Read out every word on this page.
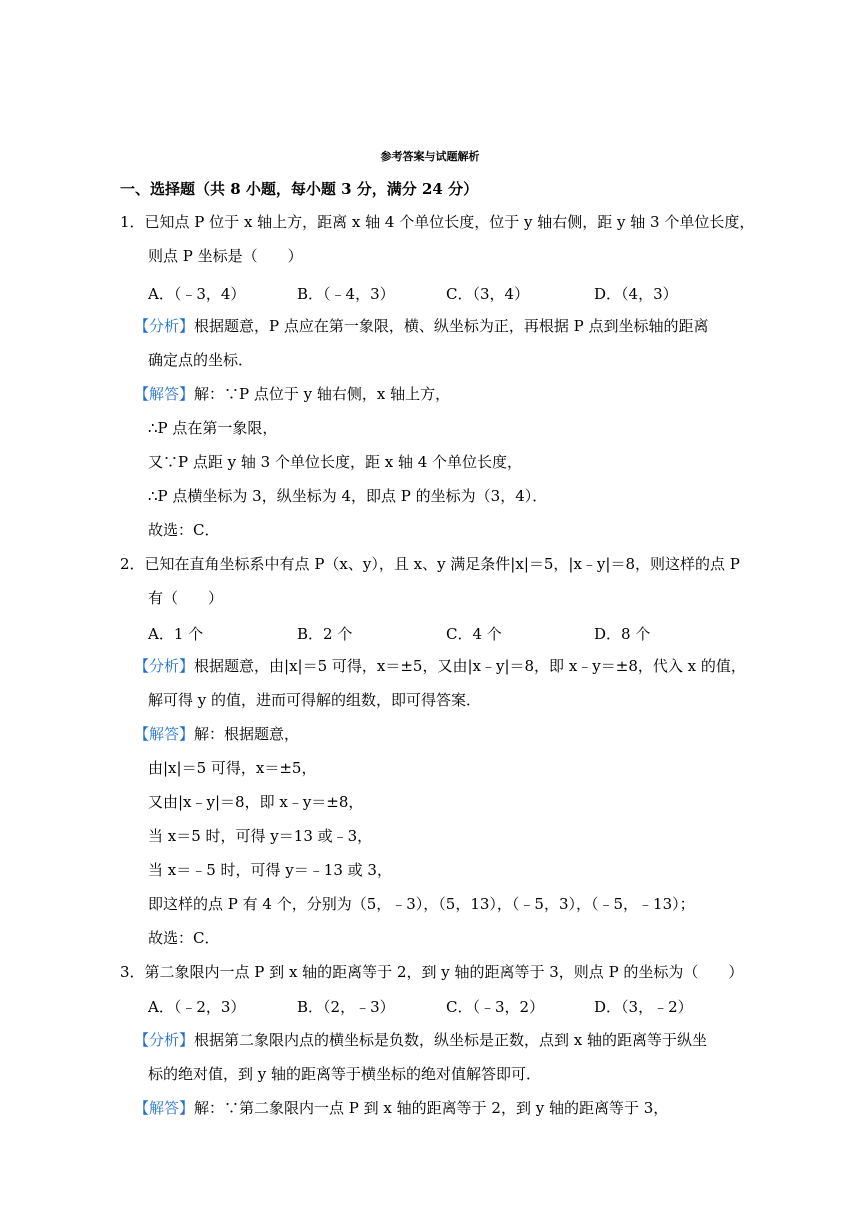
参考答案与试题解析
一、选择题（共 8 小题，每小题 3 分，满分 24 分）
1．已知点 P 位于 x 轴上方，距离 x 轴 4 个单位长度，位于 y 轴右侧，距 y 轴 3 个单位长度，
则点 P 坐标是（　　）
A．（﹣3，4）	B．（﹣4，3）	C．（3，4）	D．（4，3）
【分析】根据题意，P 点应在第一象限，横、纵坐标为正，再根据 P 点到坐标轴的距离
确定点的坐标．
【解答】解：∵P 点位于 y 轴右侧，x 轴上方，
∴P 点在第一象限，
又∵P 点距 y 轴 3 个单位长度，距 x 轴 4 个单位长度，
∴P 点横坐标为 3，纵坐标为 4，即点 P 的坐标为（3，4）．
故选：C．
2．已知在直角坐标系中有点 P（x、y），且 x、y 满足条件|x|＝5，|x﹣y|＝8，则这样的点 P
有（　　）
A．1 个	B．2 个	C．4 个	D．8 个
【分析】根据题意，由|x|＝5 可得，x＝±5，又由|x﹣y|＝8，即 x﹣y＝±8，代入 x 的值，
解可得 y 的值，进而可得解的组数，即可得答案．
【解答】解：根据题意，
由|x|＝5 可得，x＝±5，
又由|x﹣y|＝8，即 x﹣y＝±8，
当 x＝5 时，可得 y＝13 或﹣3，
当 x＝﹣5 时，可得 y＝﹣13 或 3，
即这样的点 P 有 4 个，分别为（5，﹣3），（5，13），（﹣5，3），（﹣5，﹣13）；
故选：C．
3．第二象限内一点 P 到 x 轴的距离等于 2，到 y 轴的距离等于 3，则点 P 的坐标为（　　）
A．（﹣2，3）	B．（2，﹣3）	C．（﹣3，2）	D．（3，﹣2）
【分析】根据第二象限内点的横坐标是负数，纵坐标是正数，点到 x 轴的距离等于纵坐
标的绝对值，到 y 轴的距离等于横坐标的绝对值解答即可．
【解答】解：∵第二象限内一点 P 到 x 轴的距离等于 2，到 y 轴的距离等于 3，
